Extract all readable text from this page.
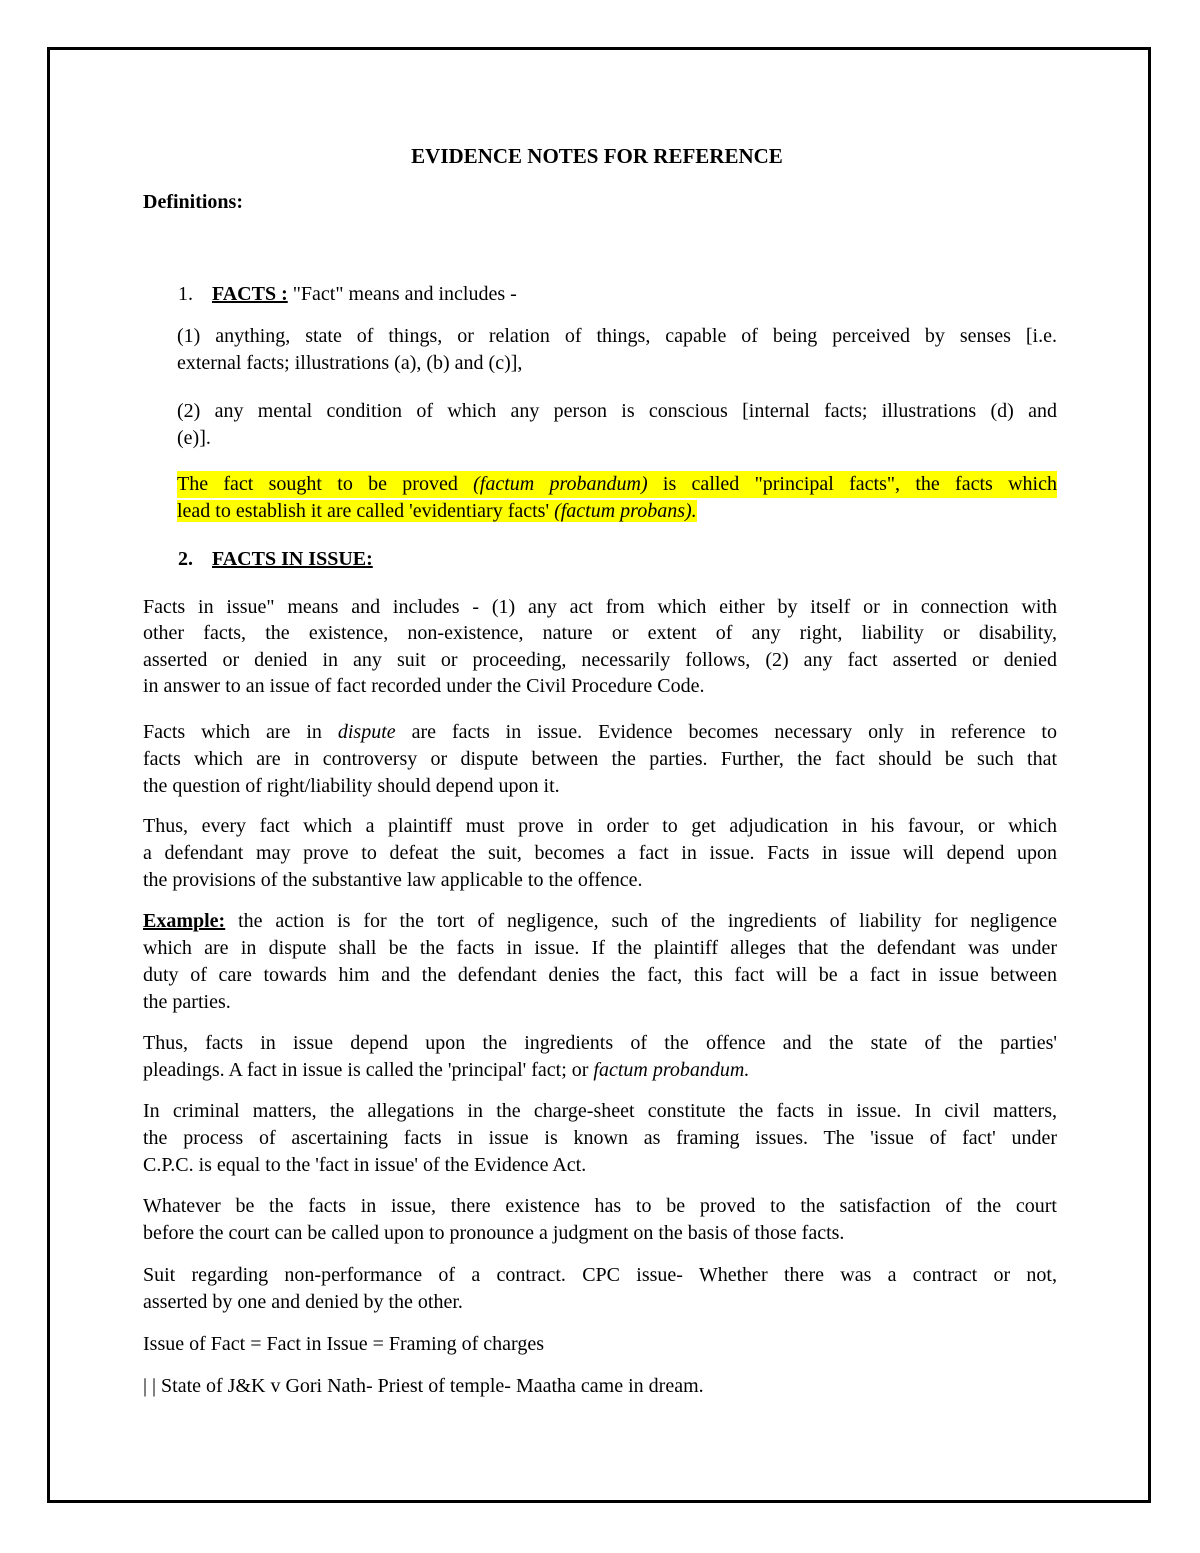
EVIDENCE NOTES FOR REFERENCE

Definitions:

1. FACTS : "Fact" means and includes -

(1) anything, state of things, or relation of things, capable of being perceived by senses [i.e.
external facts; illustrations (a), (b) and (c)],
(2) any mental condition of which any person is conscious [internal facts; illustrations (d) and
(e)].
The fact sought to be proved (factum probandum) is called "principal facts", the facts which
lead to establish it are called 'evidentiary facts' (factum probans).
2. FACTS IN ISSUE:

Facts in issue" means and includes - (1) any act from which either by itself or in connection with
other facts, the existence, non-existence, nature or extent of any right, liability or disability,
asserted or denied in any suit or proceeding, necessarily follows, (2) any fact asserted or denied
in answer to an issue of fact recorded under the Civil Procedure Code.
Facts which are in dispute are facts in issue. Evidence becomes necessary only in reference to
facts which are in controversy or dispute between the parties. Further, the fact should be such that
the question of right/liability should depend upon it.
Thus, every fact which a plaintiff must prove in order to get adjudication in his favour, or which
a defendant may prove to defeat the suit, becomes a fact in issue. Facts in issue will depend upon
the provisions of the substantive law applicable to the offence.
Example: the action is for the tort of negligence, such of the ingredients of liability for negligence
which are in dispute shall be the facts in issue. If the plaintiff alleges that the defendant was under
duty of care towards him and the defendant denies the fact, this fact will be a fact in issue between
the parties.
Thus, facts in issue depend upon the ingredients of the offence and the state of the parties'
pleadings. A fact in issue is called the 'principal' fact; or factum probandum.
In criminal matters, the allegations in the charge-sheet constitute the facts in issue. In civil matters,
the process of ascertaining facts in issue is known as framing issues. The 'issue of fact' under
C.P.C. is equal to the 'fact in issue' of the Evidence Act.
Whatever be the facts in issue, there existence has to be proved to the satisfaction of the court
before the court can be called upon to pronounce a judgment on the basis of those facts.
Suit regarding non-performance of a contract. CPC issue- Whether there was a contract or not,
asserted by one and denied by the other.

Issue of Fact = Fact in Issue = Framing of charges

| | State of J&K v Gori Nath- Priest of temple- Maatha came in dream.
